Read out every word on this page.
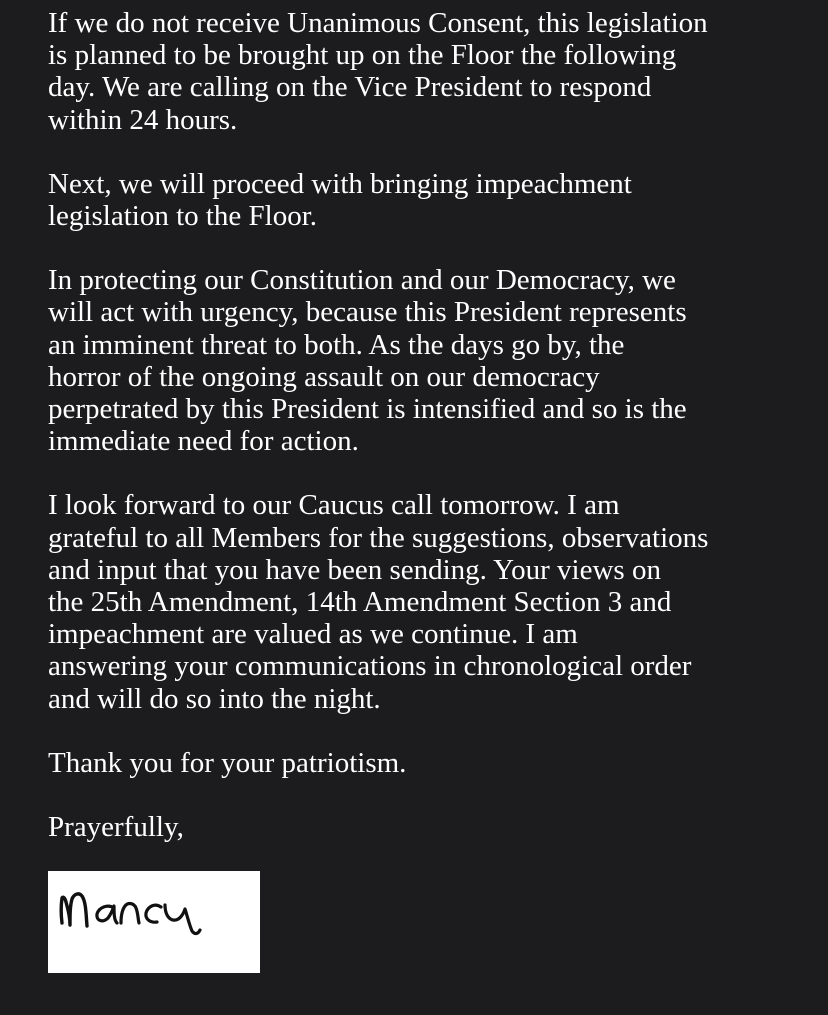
If we do not receive Unanimous Consent, this legislation
is planned to be brought up on the Floor the following
day. We are calling on the Vice President to respond
within 24 hours.

Next, we will proceed with bringing impeachment
legislation to the Floor.

In protecting our Constitution and our Democracy, we
will act with urgency, because this President represents
an imminent threat to both. As the days go by, the
horror of the ongoing assault on our democracy
perpetrated by this President is intensified and so is the
immediate need for action.

I look forward to our Caucus call tomorrow. I am
grateful to all Members for the suggestions, observations
and input that you have been sending. Your views on
the 25th Amendment, 14th Amendment Section 3 and
impeachment are valued as we continue. I am
answering your communications in chronological order
and will do so into the night.

Thank you for your patriotism.

Prayerfully,
